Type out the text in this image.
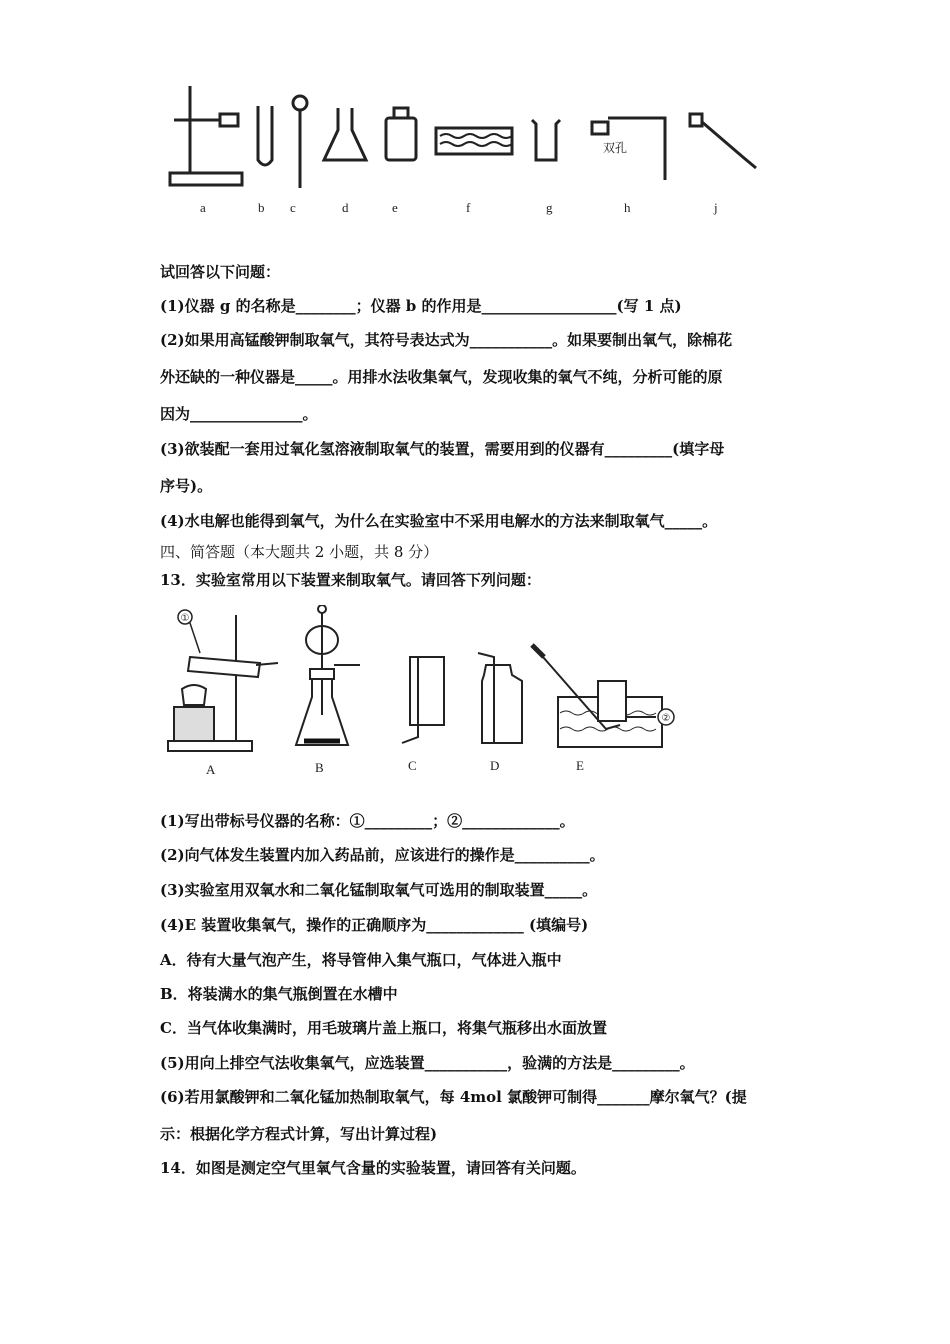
双孔
a	b c	d	e	f	g	h	j
试回答以下问题：
(1)仪器 g 的名称是________；仪器 b 的作用是__________________(写 1 点)
(2)如果用高锰酸钾制取氧气，其符号表达式为___________。如果要制出氧气，除棉花
外还缺的一种仪器是_____。用排水法收集氧气，发现收集的氧气不纯，分析可能的原
因为_______________。
(3)欲装配一套用过氧化氢溶液制取氧气的装置，需要用到的仪器有_________(填字母
序号)。
(4)水电解也能得到氧气，为什么在实验室中不采用电解水的方法来制取氧气_____。
四、简答题（本大题共 2 小题，共 8 分）
13．实验室常用以下装置来制取氧气。请回答下列问题：
①
②
A	B	C	D	E
(1)写出带标号仪器的名称：①_________；②_____________。
(2)向气体发生装置内加入药品前，应该进行的操作是__________。
(3)实验室用双氧水和二氧化锰制取氧气可选用的制取装置_____。
(4)E 装置收集氧气，操作的正确顺序为_____________ (填编号)
A．待有大量气泡产生，将导管伸入集气瓶口，气体进入瓶中
B．将装满水的集气瓶倒置在水槽中
C．当气体收集满时，用毛玻璃片盖上瓶口，将集气瓶移出水面放置
(5)用向上排空气法收集氧气，应选装置___________，验满的方法是_________。
(6)若用氯酸钾和二氧化锰加热制取氧气，每 4mol 氯酸钾可制得_______摩尔氧气？(提
示：根据化学方程式计算，写出计算过程)
14．如图是测定空气里氧气含量的实验装置，请回答有关问题。
